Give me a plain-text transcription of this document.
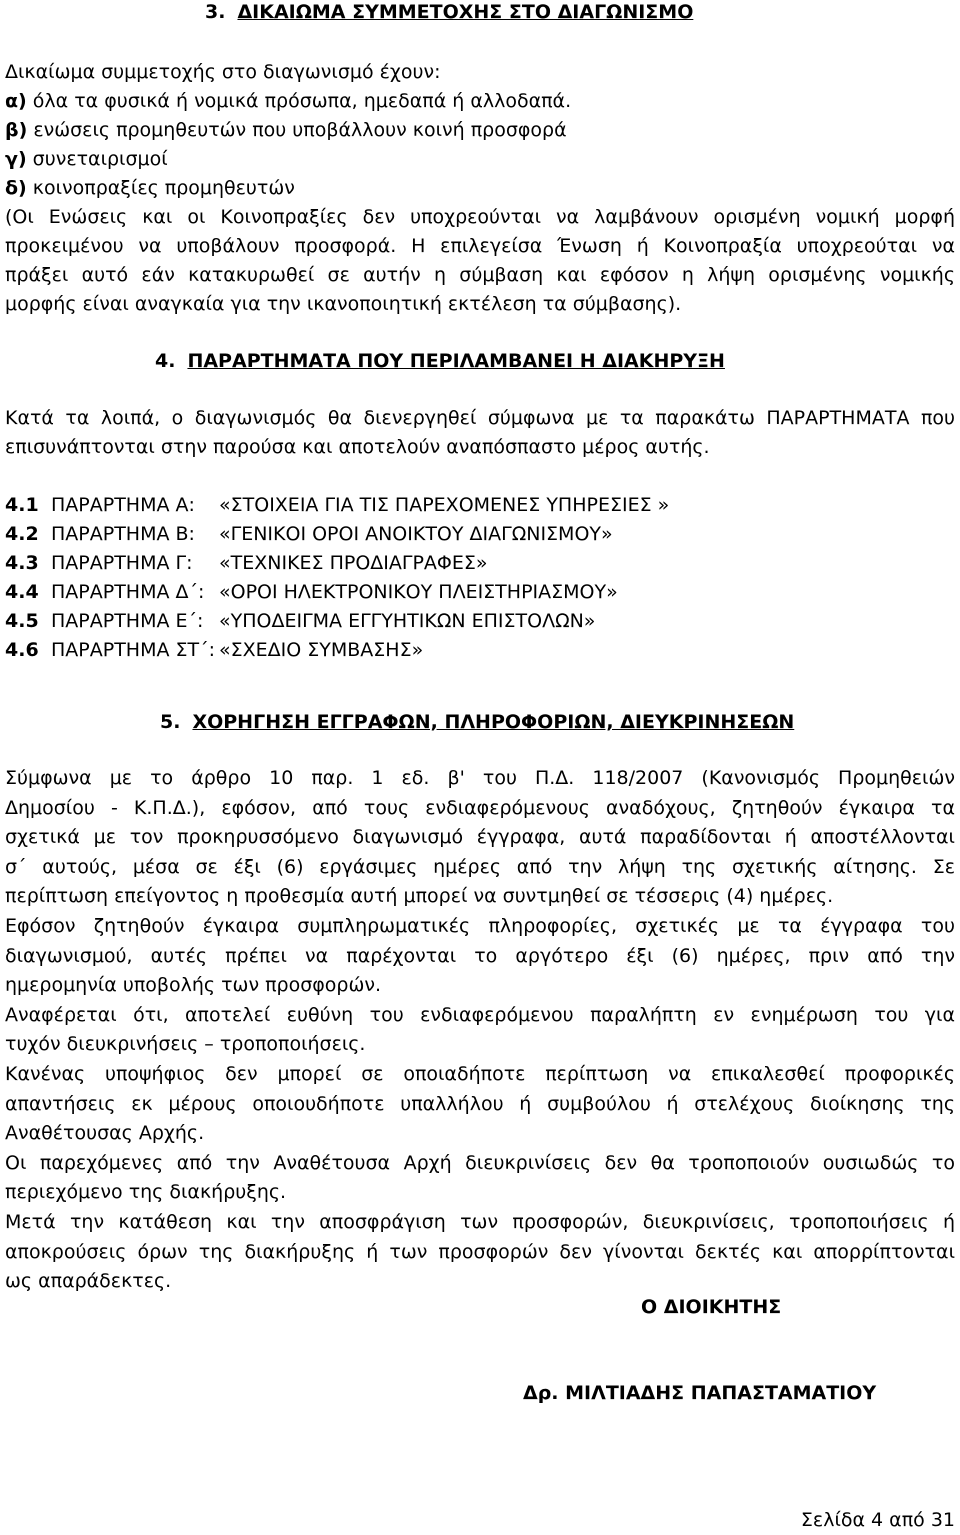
3. ΔΙΚΑΙΩΜΑ ΣΥΜΜΕΤΟΧΗΣ ΣΤΟ ΔΙΑΓΩΝΙΣΜΟ
Δικαίωμα συμμετοχής στο διαγωνισμό έχουν:
α) όλα τα φυσικά ή νομικά πρόσωπα, ημεδαπά ή αλλοδαπά.
β) ενώσεις προμηθευτών που υποβάλλουν κοινή προσφορά
γ) συνεταιρισμοί
δ) κοινοπραξίες προμηθευτών
(Οι Ενώσεις και οι Κοινοπραξίες δεν υποχρεούνται να λαμβάνουν ορισμένη νομική μορφή
προκειμένου να υποβάλουν προσφορά. Η επιλεγείσα Ένωση ή Κοινοπραξία υποχρεούται να
πράξει αυτό εάν κατακυρωθεί σε αυτήν η σύμβαση και εφόσον η λήψη ορισμένης νομικής
μορφής είναι αναγκαία για την ικανοποιητική εκτέλεση τα σύμβασης).
4. ΠΑΡΑΡΤΗΜΑΤΑ ΠΟΥ ΠΕΡΙΛΑΜΒΑΝΕΙ Η ΔΙΑΚΗΡΥΞΗ
Κατά τα λοιπά, ο διαγωνισμός θα διενεργηθεί σύμφωνα με τα παρακάτω ΠΑΡΑΡΤΗΜΑΤΑ που
επισυνάπτονται στην παρούσα και αποτελούν αναπόσπαστο μέρος αυτής.
4.1 ΠΑΡΑΡΤΗΜΑ Α: «ΣΤΟΙΧΕΙΑ ΓΙΑ ΤΙΣ ΠΑΡΕΧΟΜΕΝΕΣ ΥΠΗΡΕΣΙΕΣ »
4.2 ΠΑΡΑΡΤΗΜΑ Β: «ΓΕΝΙΚΟΙ ΟΡΟΙ ΑΝΟΙΚΤΟΥ ΔΙΑΓΩΝΙΣΜΟΥ»
4.3 ΠΑΡΑΡΤΗΜΑ Γ: «ΤΕΧΝΙΚΕΣ ΠΡΟΔΙΑΓΡΑΦΕΣ»
4.4 ΠΑΡΑΡΤΗΜΑ Δ΄: «ΟΡΟΙ ΗΛΕΚΤΡΟΝΙΚΟΥ ΠΛΕΙΣΤΗΡΙΑΣΜΟΥ»
4.5 ΠΑΡΑΡΤΗΜΑ Ε΄: «ΥΠΟΔΕΙΓΜΑ ΕΓΓΥΗΤΙΚΩΝ ΕΠΙΣΤΟΛΩΝ»
4.6 ΠΑΡΑΡΤΗΜΑ ΣΤ΄: «ΣΧΕΔΙΟ ΣΥΜΒΑΣΗΣ»
5. ΧΟΡΗΓΗΣΗ ΕΓΓΡΑΦΩΝ, ΠΛΗΡΟΦΟΡΙΩΝ, ΔΙΕΥΚΡΙΝΗΣΕΩΝ
Σύμφωνα με το άρθρο 10 παρ. 1 εδ. β' του Π.Δ. 118/2007 (Κανονισμός Προμηθειών
Δημοσίου - Κ.Π.Δ.), εφόσον, από τους ενδιαφερόμενους αναδόχους, ζητηθούν έγκαιρα τα
σχετικά με τον προκηρυσσόμενο διαγωνισμό έγγραφα, αυτά παραδίδονται ή αποστέλλονται
σ΄ αυτούς, μέσα σε έξι (6) εργάσιμες ημέρες από την λήψη της σχετικής αίτησης. Σε
περίπτωση επείγοντος η προθεσμία αυτή μπορεί να συντμηθεί σε τέσσερις (4) ημέρες.
Εφόσον ζητηθούν έγκαιρα συμπληρωματικές πληροφορίες, σχετικές με τα έγγραφα του
διαγωνισμού, αυτές πρέπει να παρέχονται το αργότερο έξι (6) ημέρες, πριν από την
ημερομηνία υποβολής των προσφορών.
Αναφέρεται ότι, αποτελεί ευθύνη του ενδιαφερόμενου παραλήπτη εν ενημέρωση του για
τυχόν διευκρινήσεις – τροποποιήσεις.
Κανένας υποψήφιος δεν μπορεί σε οποιαδήποτε περίπτωση να επικαλεσθεί προφορικές
απαντήσεις εκ μέρους οποιουδήποτε υπαλλήλου ή συμβούλου ή στελέχους διοίκησης της
Αναθέτουσας Αρχής.
Οι παρεχόμενες από την Αναθέτουσα Αρχή διευκρινίσεις δεν θα τροποποιούν ουσιωδώς το
περιεχόμενο της διακήρυξης.
Μετά την κατάθεση και την αποσφράγιση των προσφορών, διευκρινίσεις, τροποποιήσεις ή
αποκρούσεις όρων της διακήρυξης ή των προσφορών δεν γίνονται δεκτές και απορρίπτονται
ως απαράδεκτες.
Ο ΔΙΟΙΚΗΤΗΣ
Δρ. ΜΙΛΤΙΑΔΗΣ ΠΑΠΑΣΤΑΜΑΤΙΟΥ
Σελίδα 4 από 31
